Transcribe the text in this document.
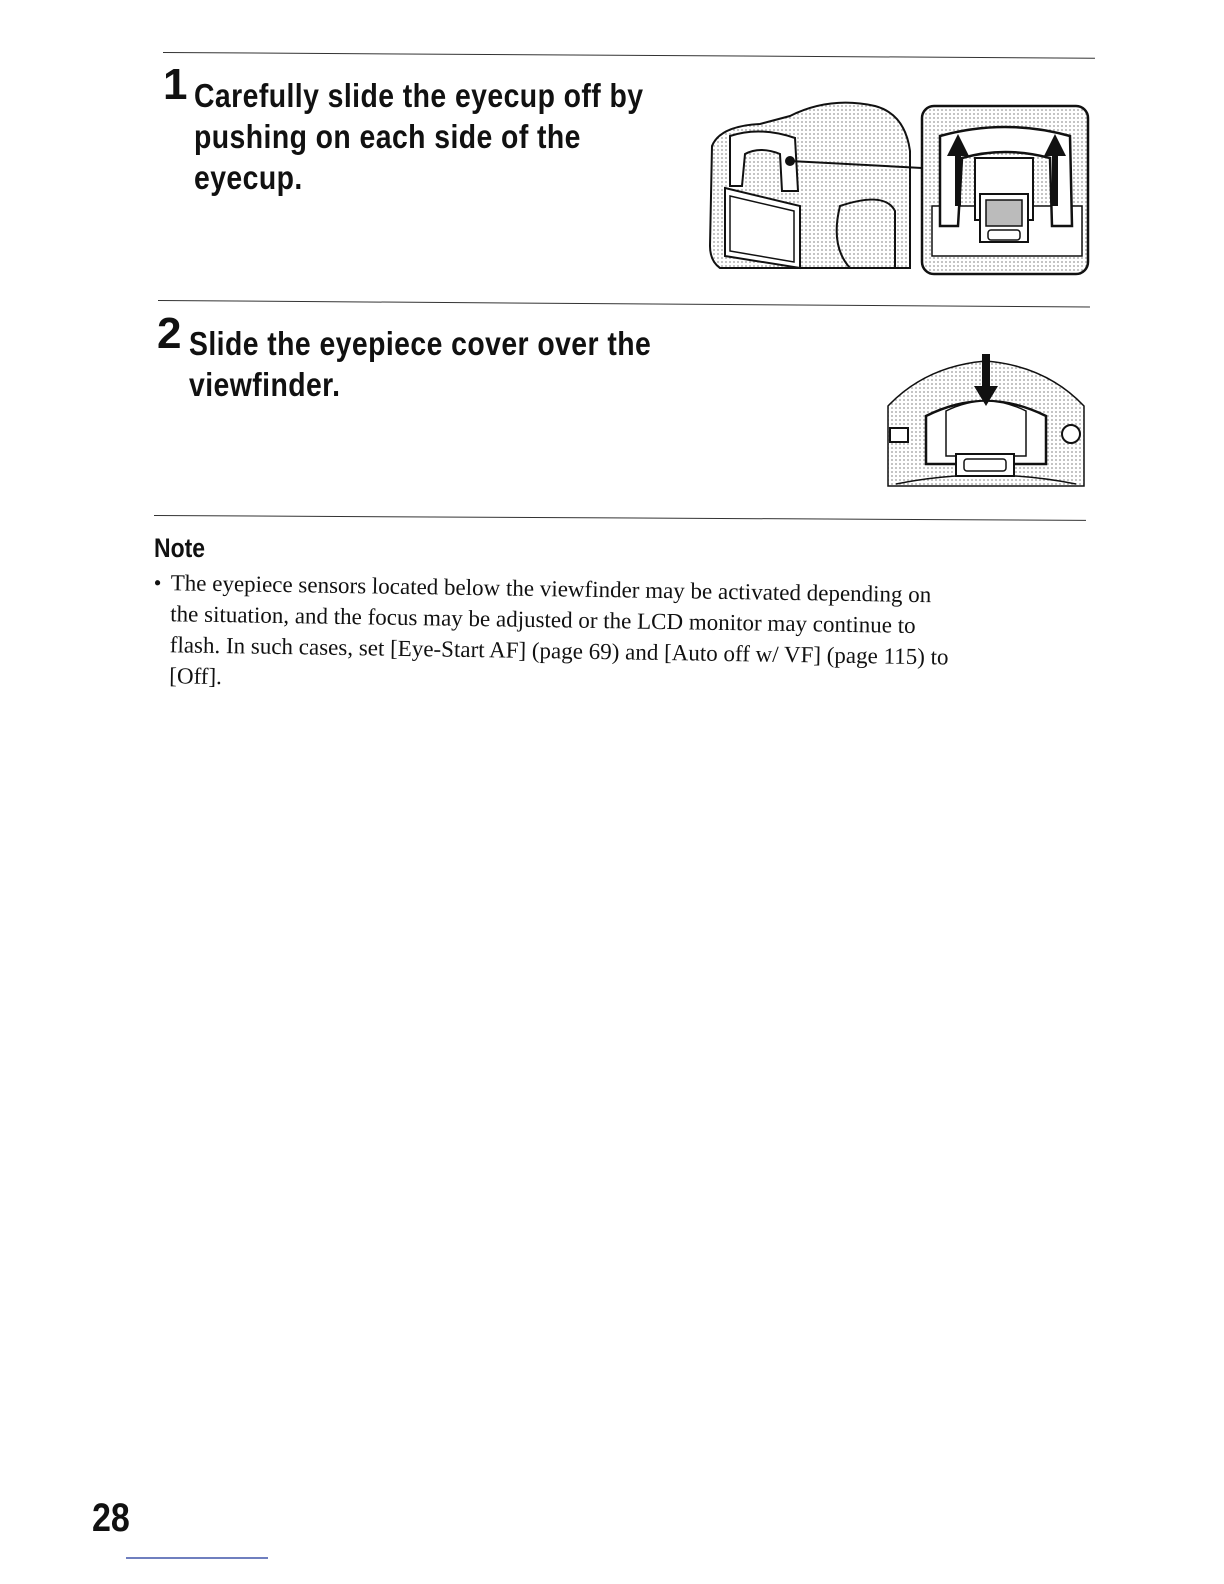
1 Carefully slide the eyecup off by
pushing on each side of the
eyecup.
2 Slide the eyepiece cover over the
viewfinder.
Note
• The eyepiece sensors located below the viewfinder may be activated depending on
the situation, and the focus may be adjusted or the LCD monitor may continue to
flash. In such cases, set [Eye-Start AF] (page 69) and [Auto off w/ VF] (page 115) to
[Off].
28
